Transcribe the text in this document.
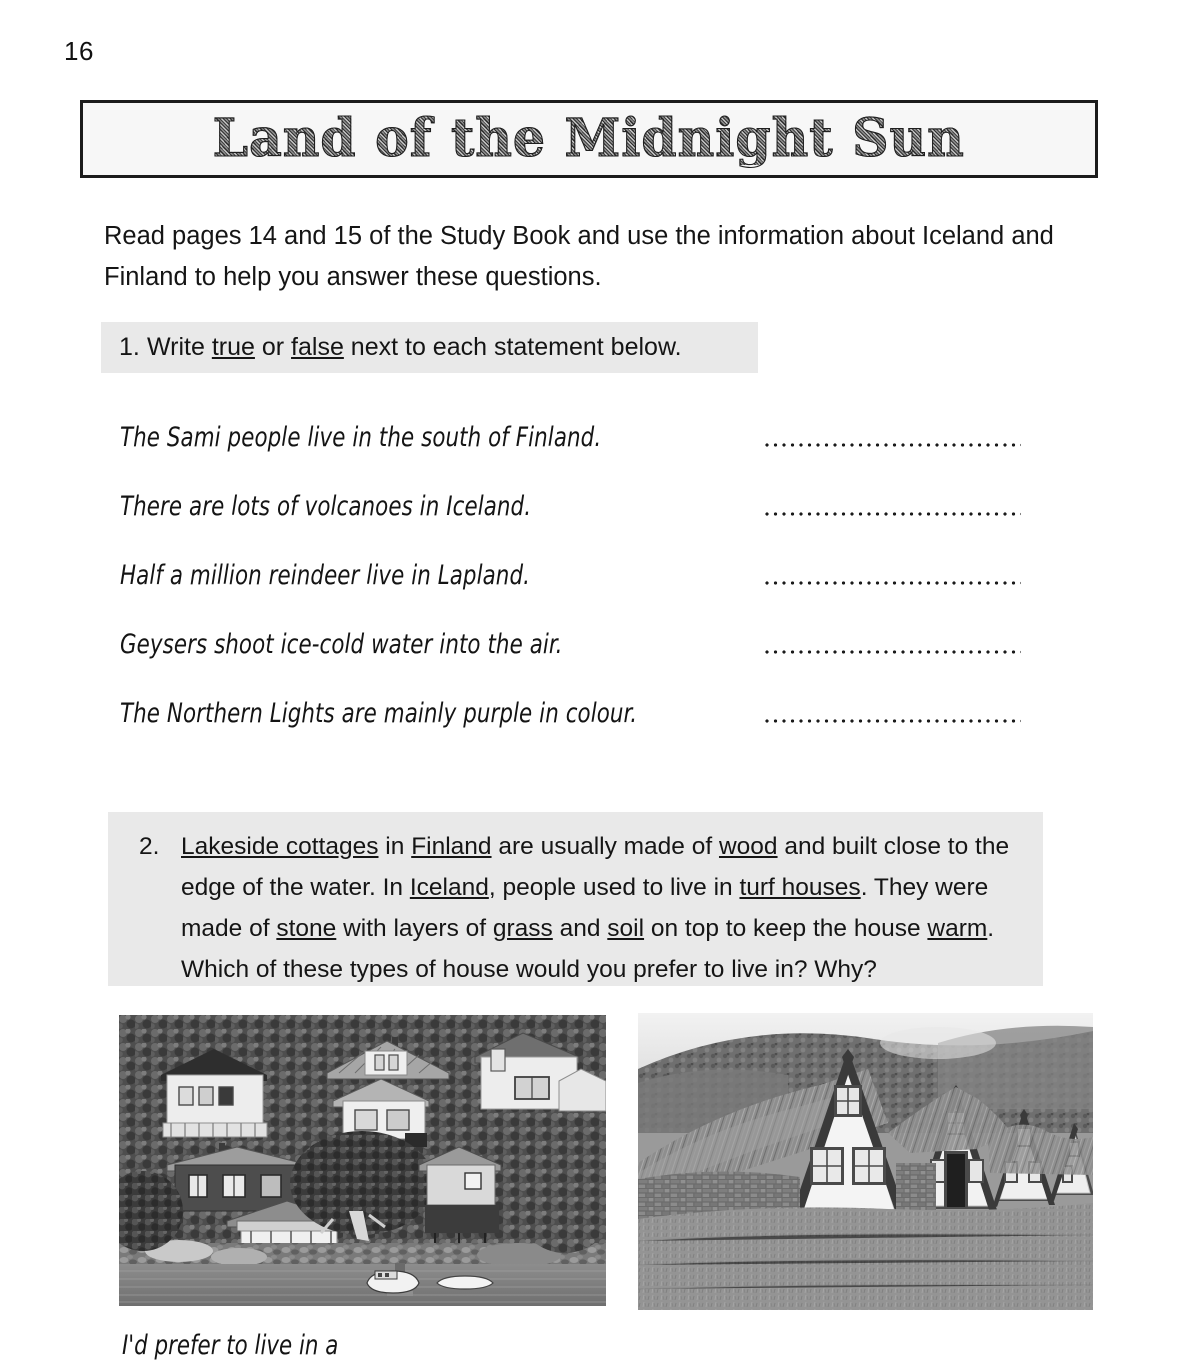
16
Land of the Midnight Sun
Read pages 14 and 15 of the Study Book and use the information about Iceland and Finland to help you answer these questions.
1. Write true or false next to each statement below.
The Sami people live in the south of Finland.
There are lots of volcanoes in Iceland.
Half a million reindeer live in Lapland.
Geysers shoot ice-cold water into the air.
The Northern Lights are mainly purple in colour.
2. Lakeside cottages in Finland are usually made of wood and built close to the edge of the water. In Iceland, people used to live in turf houses. They were made of stone with layers of grass and soil on top to keep the house warm. Which of these types of house would you prefer to live in? Why?
I'd prefer to live in a
